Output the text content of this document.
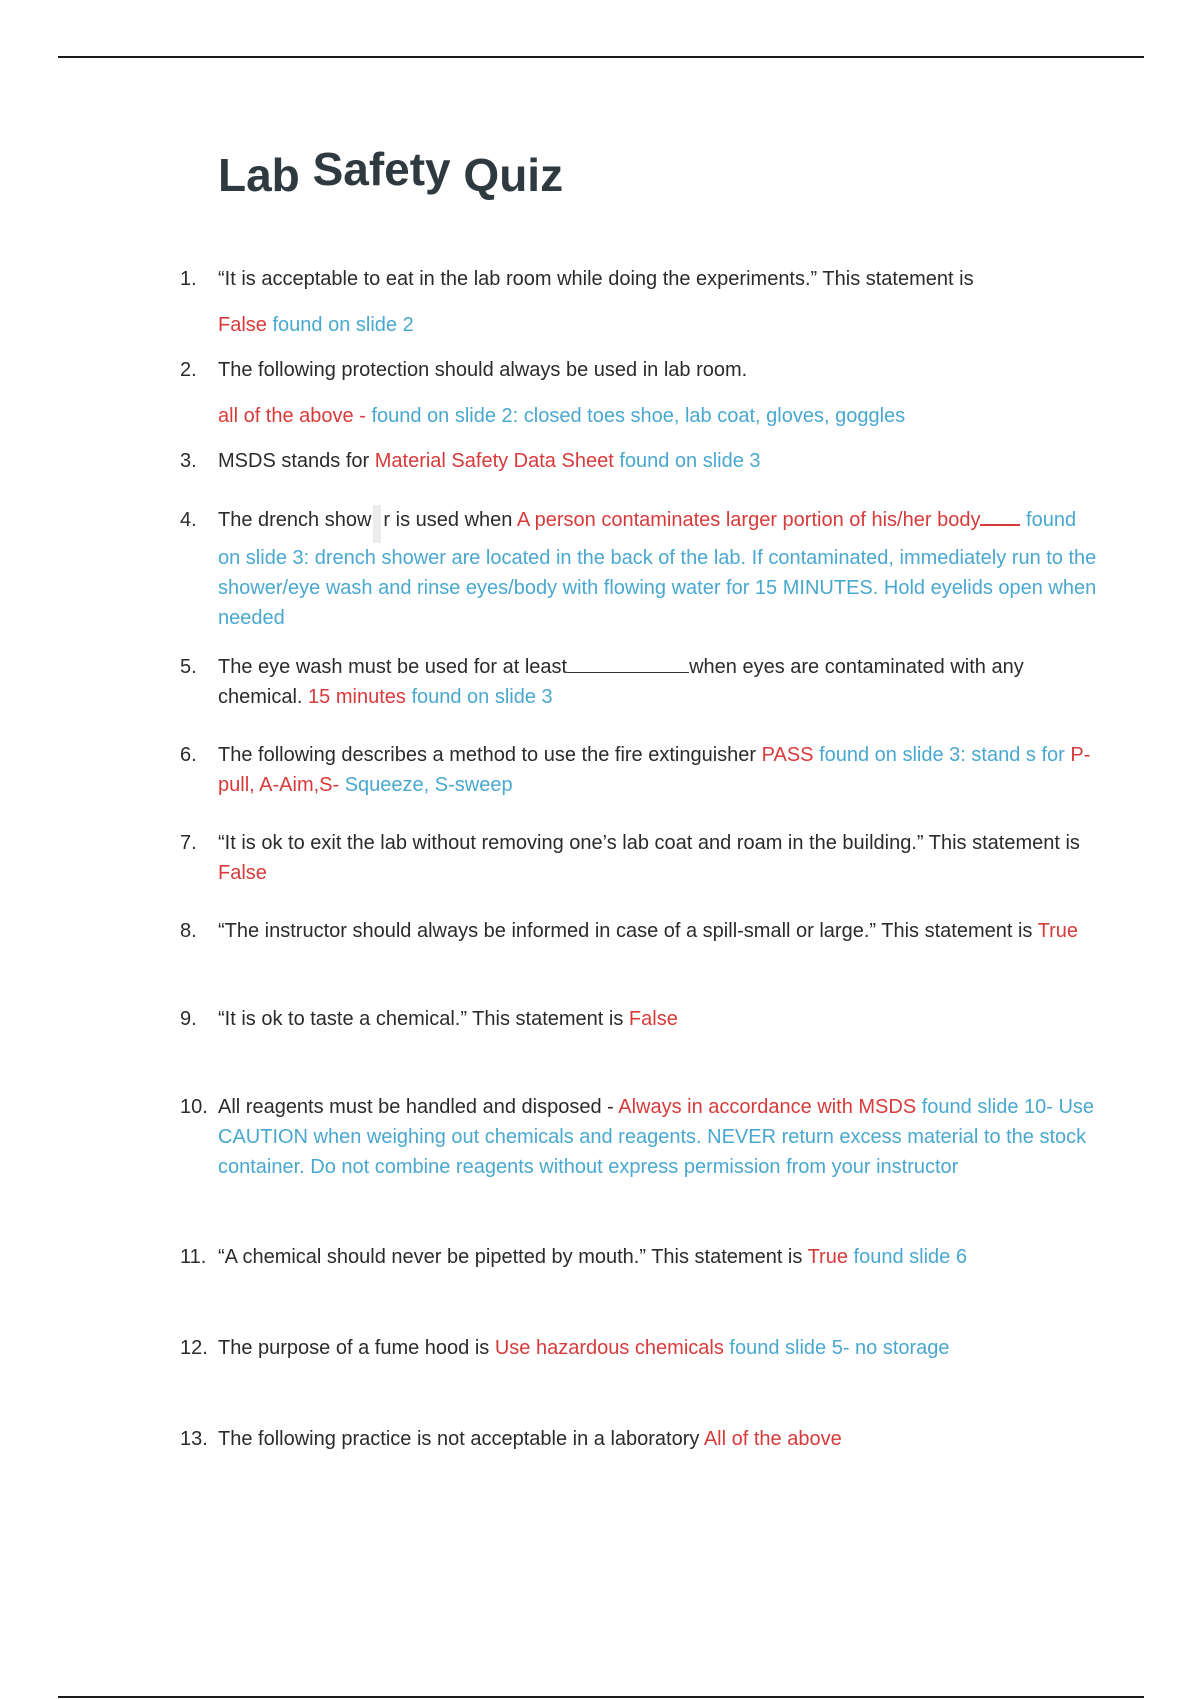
Lab Safety Quiz
1.	“It is acceptable to eat in the lab room while doing the experiments.” This statement is
False found on slide 2
2.	The following protection should always be used in lab room.
all of the above - found on slide 2: closed toes shoe, lab coat, gloves, goggles
3.	MSDS stands for Material Safety Data Sheet found on slide 3
4.	The drench show r is used when A person contaminates larger portion of his/her body found on slide 3: drench shower are located in the back of the lab. If contaminated, immediately run to the shower/eye wash and rinse eyes/body with flowing water for 15 MINUTES. Hold eyelids open when needed
5.	The eye wash must be used for at least	when eyes are contaminated with any chemical. 15 minutes found on slide 3
6.	The following describes a method to use the fire extinguisher PASS found on slide 3: stand s for P-pull, A-Aim,S- Squeeze, S-sweep
7.	“It is ok to exit the lab without removing one’s lab coat and roam in the building.” This statement is False
8.	“The instructor should always be informed in case of a spill-small or large.” This statement is True
9.	“It is ok to taste a chemical.” This statement is False
10. All reagents must be handled and disposed - Always in accordance with MSDS found slide 10- Use CAUTION when weighing out chemicals and reagents. NEVER return excess material to the stock container. Do not combine reagents without express permission from your instructor
11. “A chemical should never be pipetted by mouth.” This statement is True found slide 6
12. The purpose of a fume hood is Use hazardous chemicals found slide 5- no storage
13. The following practice is not acceptable in a laboratory All of the above
